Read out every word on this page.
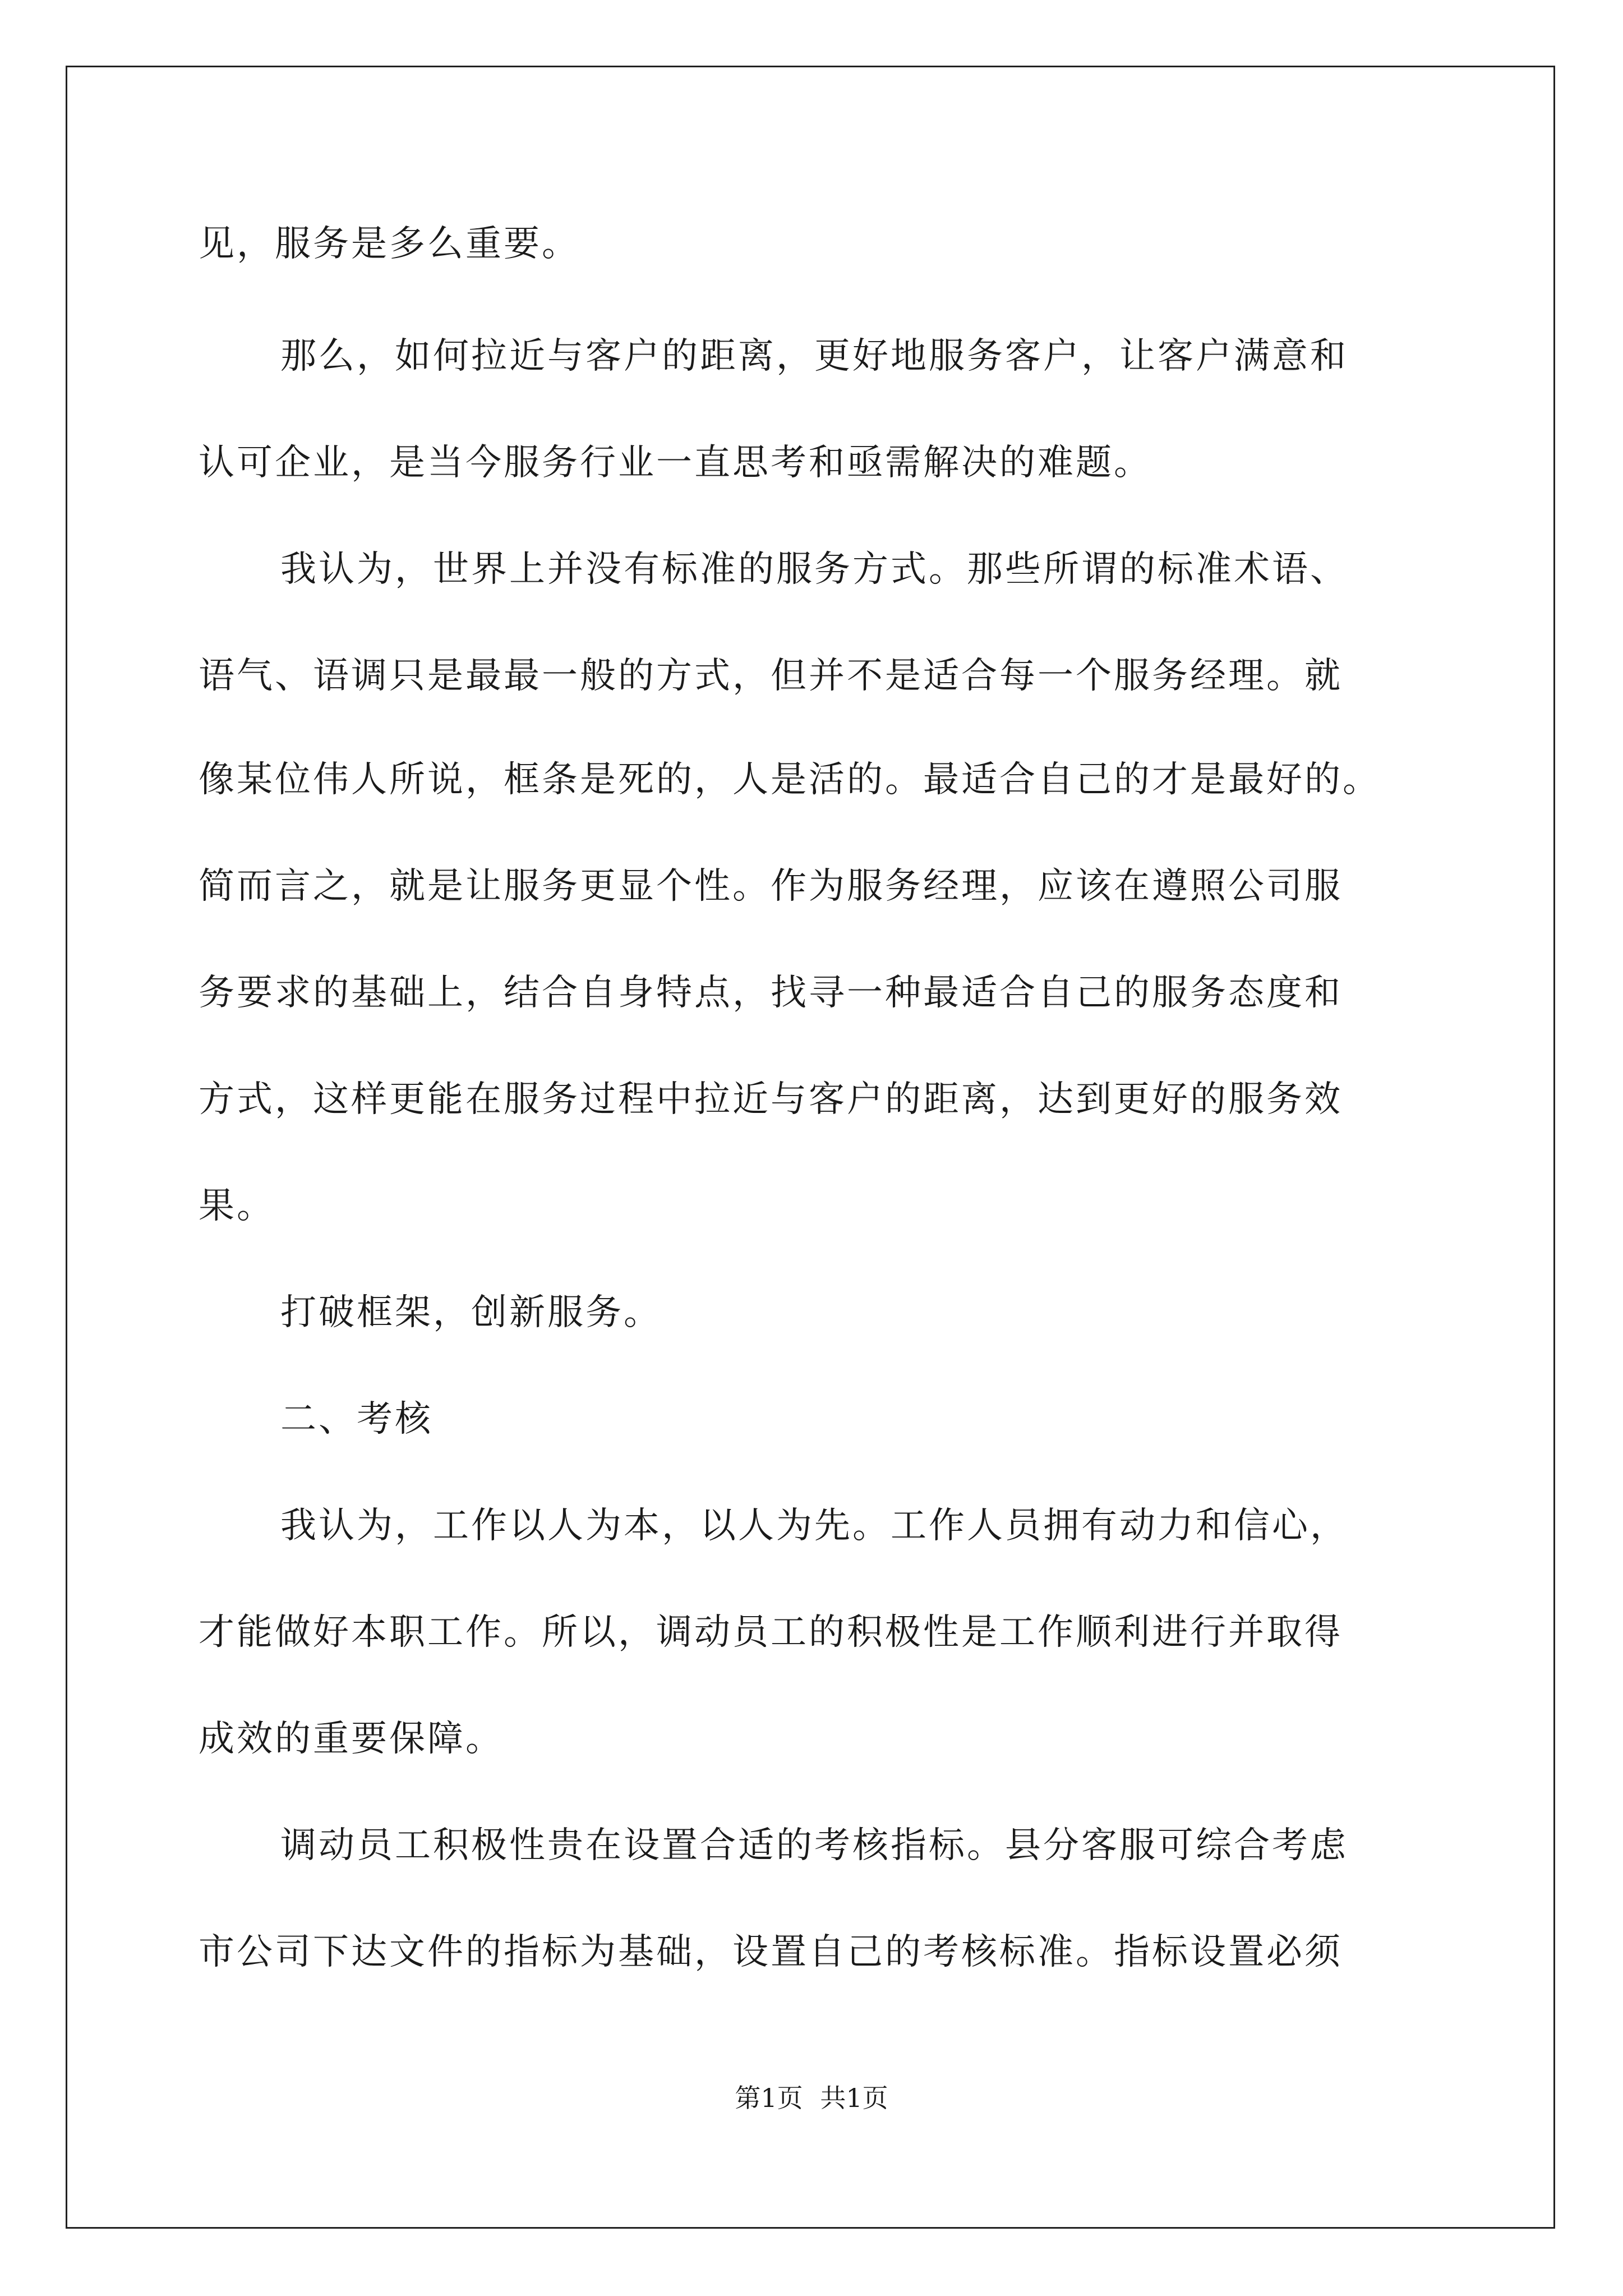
见，服务是多么重要。
那么，如何拉近与客户的距离，更好地服务客户，让客户满意和
认可企业，是当今服务行业一直思考和亟需解决的难题。
我认为，世界上并没有标准的服务方式。那些所谓的标准术语、
语气、语调只是最最一般的方式，但并不是适合每一个服务经理。就
像某位伟人所说，框条是死的，人是活的。最适合自己的才是最好的。
简而言之，就是让服务更显个性。作为服务经理，应该在遵照公司服
务要求的基础上，结合自身特点，找寻一种最适合自己的服务态度和
方式，这样更能在服务过程中拉近与客户的距离，达到更好的服务效
果。
打破框架，创新服务。
二、考核
我认为，工作以人为本，以人为先。工作人员拥有动力和信心，
才能做好本职工作。所以，调动员工的积极性是工作顺利进行并取得
成效的重要保障。
调动员工积极性贵在设置合适的考核指标。县分客服可综合考虑
市公司下达文件的指标为基础，设置自己的考核标准。指标设置必须
第1页 共1页
